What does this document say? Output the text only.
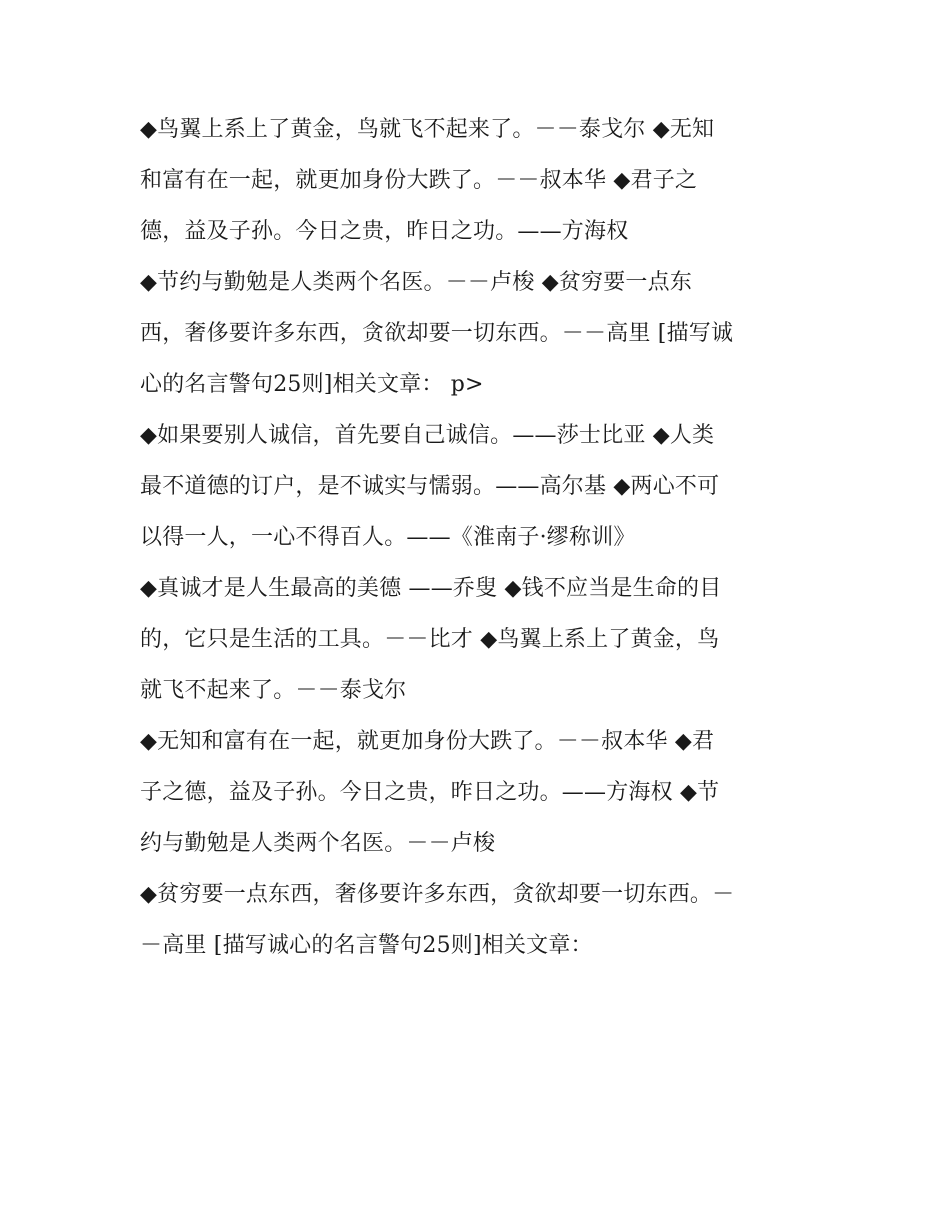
◆鸟翼上系上了黄金，鸟就飞不起来了。－－泰戈尔 ◆无知
和富有在一起，就更加身份大跌了。－－叔本华 ◆君子之
德，益及子孙。今日之贵，昨日之功。——方海权
◆节约与勤勉是人类两个名医。－－卢梭 ◆贫穷要一点东
西，奢侈要许多东西，贪欲却要一切东西。－－高里 [描写诚
心的名言警句25则]相关文章： p>
◆如果要别人诚信，首先要自己诚信。——莎士比亚 ◆人类
最不道德的订户，是不诚实与懦弱。——高尔基 ◆两心不可
以得一人，一心不得百人。——《淮南子·缪称训》
◆真诚才是人生最高的美德 ——乔叟 ◆钱不应当是生命的目
的，它只是生活的工具。－－比才 ◆鸟翼上系上了黄金，鸟
就飞不起来了。－－泰戈尔
◆无知和富有在一起，就更加身份大跌了。－－叔本华 ◆君
子之德，益及子孙。今日之贵，昨日之功。——方海权 ◆节
约与勤勉是人类两个名医。－－卢梭
◆贫穷要一点东西，奢侈要许多东西，贪欲却要一切东西。－
－高里 [描写诚心的名言警句25则]相关文章：
